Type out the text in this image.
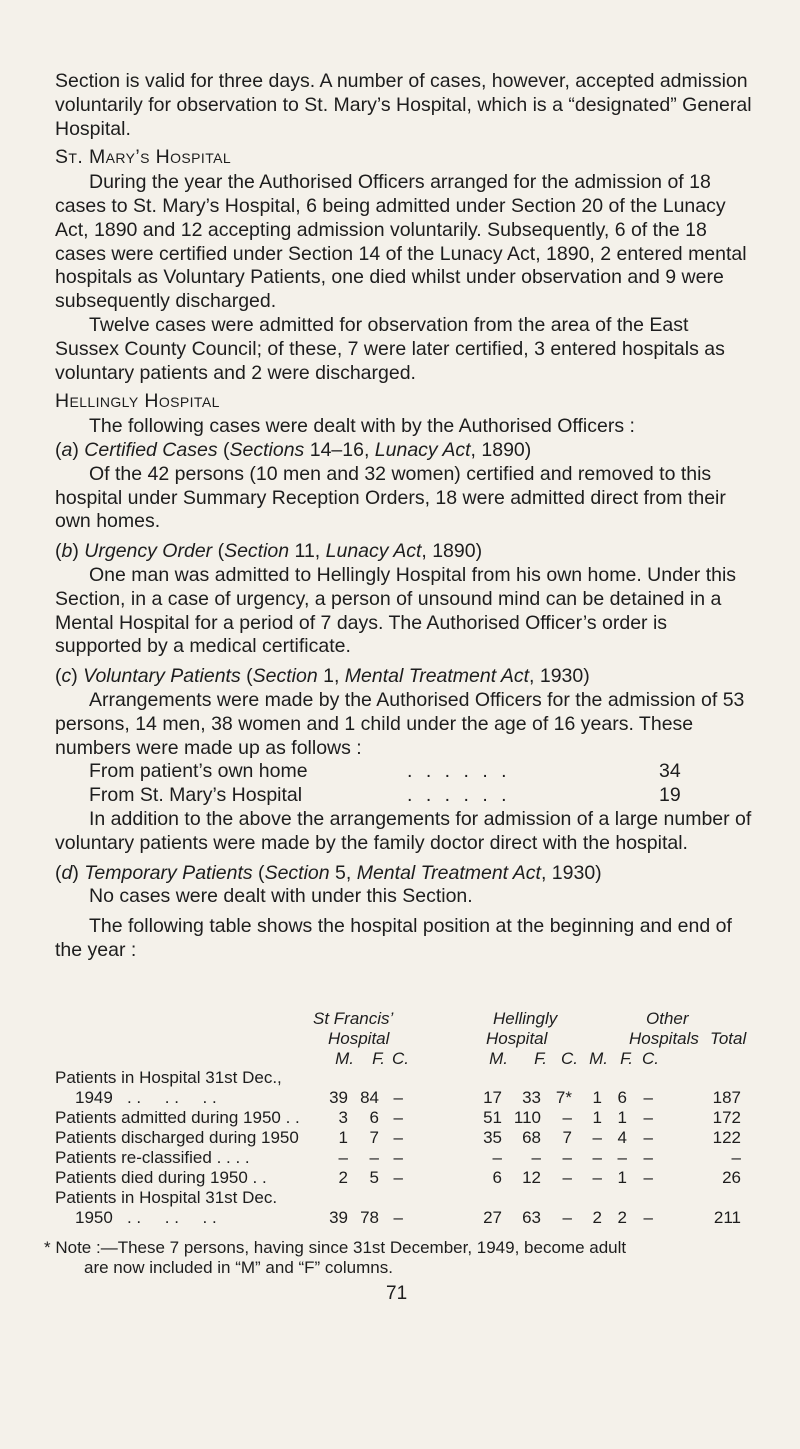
Section is valid for three days. A number of cases, however, accepted admission voluntarily for observation to St. Mary’s Hospital, which is a “designated” General Hospital.

St. Mary’s Hospital

During the year the Authorised Officers arranged for the admission of 18 cases to St. Mary’s Hospital, 6 being admitted under Section 20 of the Lunacy Act, 1890 and 12 accepting admission voluntarily. Subsequently, 6 of the 18 cases were certified under Section 14 of the Lunacy Act, 1890, 2 entered mental hospitals as Voluntary Patients, one died whilst under observation and 9 were subsequently discharged.

Twelve cases were admitted for observation from the area of the East Sussex County Council; of these, 7 were later certified, 3 entered hospitals as voluntary patients and 2 were discharged.

Hellingly Hospital

The following cases were dealt with by the Authorised Officers :

(a) Certified Cases (Sections 14–16, Lunacy Act, 1890)

Of the 42 persons (10 men and 32 women) certified and removed to this hospital under Summary Reception Orders, 18 were admitted direct from their own homes.

(b) Urgency Order (Section 11, Lunacy Act, 1890)

One man was admitted to Hellingly Hospital from his own home. Under this Section, in a case of urgency, a person of unsound mind can be detained in a Mental Hospital for a period of 7 days. The Authorised Officer’s order is supported by a medical certificate.

(c) Voluntary Patients (Section 1, Mental Treatment Act, 1930)

Arrangements were made by the Authorised Officers for the admission of 53 persons, 14 men, 38 women and 1 child under the age of 16 years. These numbers were made up as follows :

From patient’s own home	. . . . . .	34
From St. Mary’s Hospital	. . . . . .	19

In addition to the above the arrangements for admission of a large number of voluntary patients were made by the family doctor direct with the hospital.

(d) Temporary Patients (Section 5, Mental Treatment Act, 1930)

No cases were dealt with under this Section.

The following table shows the hospital position at the beginning and end of the year :

St Francis’
Hospital
Hellingly
Hospital
Other
Hospitals Total
M. F. C.	M. F. C. M. F. C.
Patients in Hospital 31st Dec.,
1949   . .     . .     . .	39 84 –	17 33 7* 1 6 –	187
Patients admitted during 1950 . . 3 6 –	51 110 – 1 1 –	172
Patients discharged during 1950 1 7 –	35 68 7 – 4 –	122
Patients re-classified . . . .	– – –	– – – – – –	–
Patients died during 1950 . .	2 5 –	6 12 – – 1 –	26
Patients in Hospital 31st Dec.
1950   . .     . .     . .	39 78 –	27 63 – 2 2 –	211
* Note :—These 7 persons, having since 31st December, 1949, become adult
are now included in “M” and “F” columns.
71
